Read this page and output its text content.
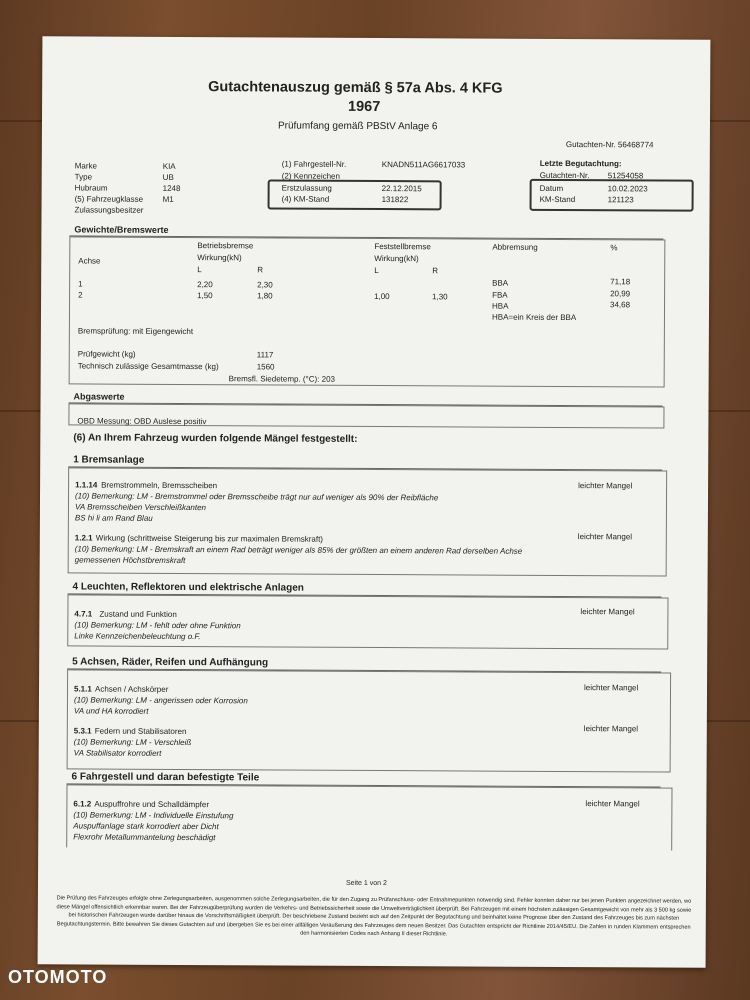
Gutachtenauszug gemäß § 57a Abs. 4 KFG
1967
Prüfumfang gemäß PBStV Anlage 6
Gutachten-Nr. 56468774
Marke	KIA
Type	UB
Hubraum	1248
(5) Fahrzeugklasse M1
Zulassungsbesitzer
(1) Fahrgestell-Nr.	KNADN511AG6617033
(2) Kennzeichen
Erstzulassung	22.12.2015
(4) KM-Stand	131822
Letzte Begutachtung:
Gutachten-Nr. 51254058
Datum	10.02.2023
KM-Stand	121123
Gewichte/Bremswerte
Betriebsbremse	Feststellbremse	Abbremsung	%
Achse	Wirkung(kN)	Wirkung(kN)
L	R	L	R
1	2,20	2,30
2	1,50	1,80	1,00	1,30
BBA	71,18
FBA	20,99
HBA	34,68
HBA=ein Kreis der BBA
Bremsprüfung: mit Eigengewicht
Prüfgewicht (kg)	1117
Technisch zulässige Gesamtmasse (kg)	1560
Bremsfl. Siedetemp. (°C): 203
Abgaswerte
OBD Messung: OBD Auslese positiv
(6) An Ihrem Fahrzeug wurden folgende Mängel festgestellt:
1 Bremsanlage
1.1.14 Bremstrommeln, Bremsscheiben	leichter Mangel
(10) Bemerkung: LM - Bremstrommel oder Bremsscheibe trägt nur auf weniger als 90% der Reibfläche
VA Bremsscheiben Verschleißkanten
BS hi li am Rand Blau
1.2.1 Wirkung (schrittweise Steigerung bis zur maximalen Bremskraft)	leichter Mangel
(10) Bemerkung: LM - Bremskraft an einem Rad beträgt weniger als 85% der größten an einem anderen Rad derselben Achse
gemessenen Höchstbremskraft
4 Leuchten, Reflektoren und elektrische Anlagen
4.7.1 Zustand und Funktion	leichter Mangel
(10) Bemerkung: LM - fehlt oder ohne Funktion
Linke Kennzeichenbeleuchtung o.F.
5 Achsen, Räder, Reifen und Aufhängung
5.1.1 Achsen / Achskörper	leichter Mangel
(10) Bemerkung: LM - angerissen oder Korrosion
VA und HA korrodiert
5.3.1 Federn und Stabilisatoren	leichter Mangel
(10) Bemerkung: LM - Verschleiß
VA Stabilisator korrodiert
6 Fahrgestell und daran befestigte Teile
6.1.2 Auspuffrohre und Schalldämpfer	leichter Mangel
(10) Bemerkung: LM - Individuelle Einstufung
Auspuffanlage stark korrodiert aber Dicht
Flexrohr Metallummantelung beschädigt
Seite 1 von 2
Die Prüfung des Fahrzeuges erfolgte ohne Zerlegungsarbeiten, ausgenommen solche Zerlegungsarbeiten, die für den Zugang zu Prüfanschluss- oder Entnahmepunkten notwendig sind. Fehler konnten daher nur bei jenen Punkten angezeichnet werden, wo diese Mängel offensichtlich erkennbar waren. Bei der Fahrzeugüberprüfung wurden die Verkehrs- und Betriebssicherheit sowie die Umweltverträglichkeit überprüft. Bei Fahrzeugen mit einem höchsten zulässigen Gesamtgewicht von mehr als 3 500 kg sowie bei historischen Fahrzeugen wurde darüber hinaus die Vorschriftsmäßigkeit überprüft. Der beschriebene Zustand bezieht sich auf den Zeitpunkt der Begutachtung und beinhaltet keine Prognose über den Zustand des Fahrzeuges bis zum nächsten Begutachtungstermin. Bitte bewahren Sie dieses Gutachten auf und übergeben Sie es bei einer allfälligen Veräußerung des Fahrzeuges dem neuen Besitzer. Das Gutachten entspricht der Richtlinie 2014/45/EU. Die Zahlen in runden Klammern entsprechen den harmonisierten Codes nach Anhang II dieser Richtlinie.
OTOMOTO
